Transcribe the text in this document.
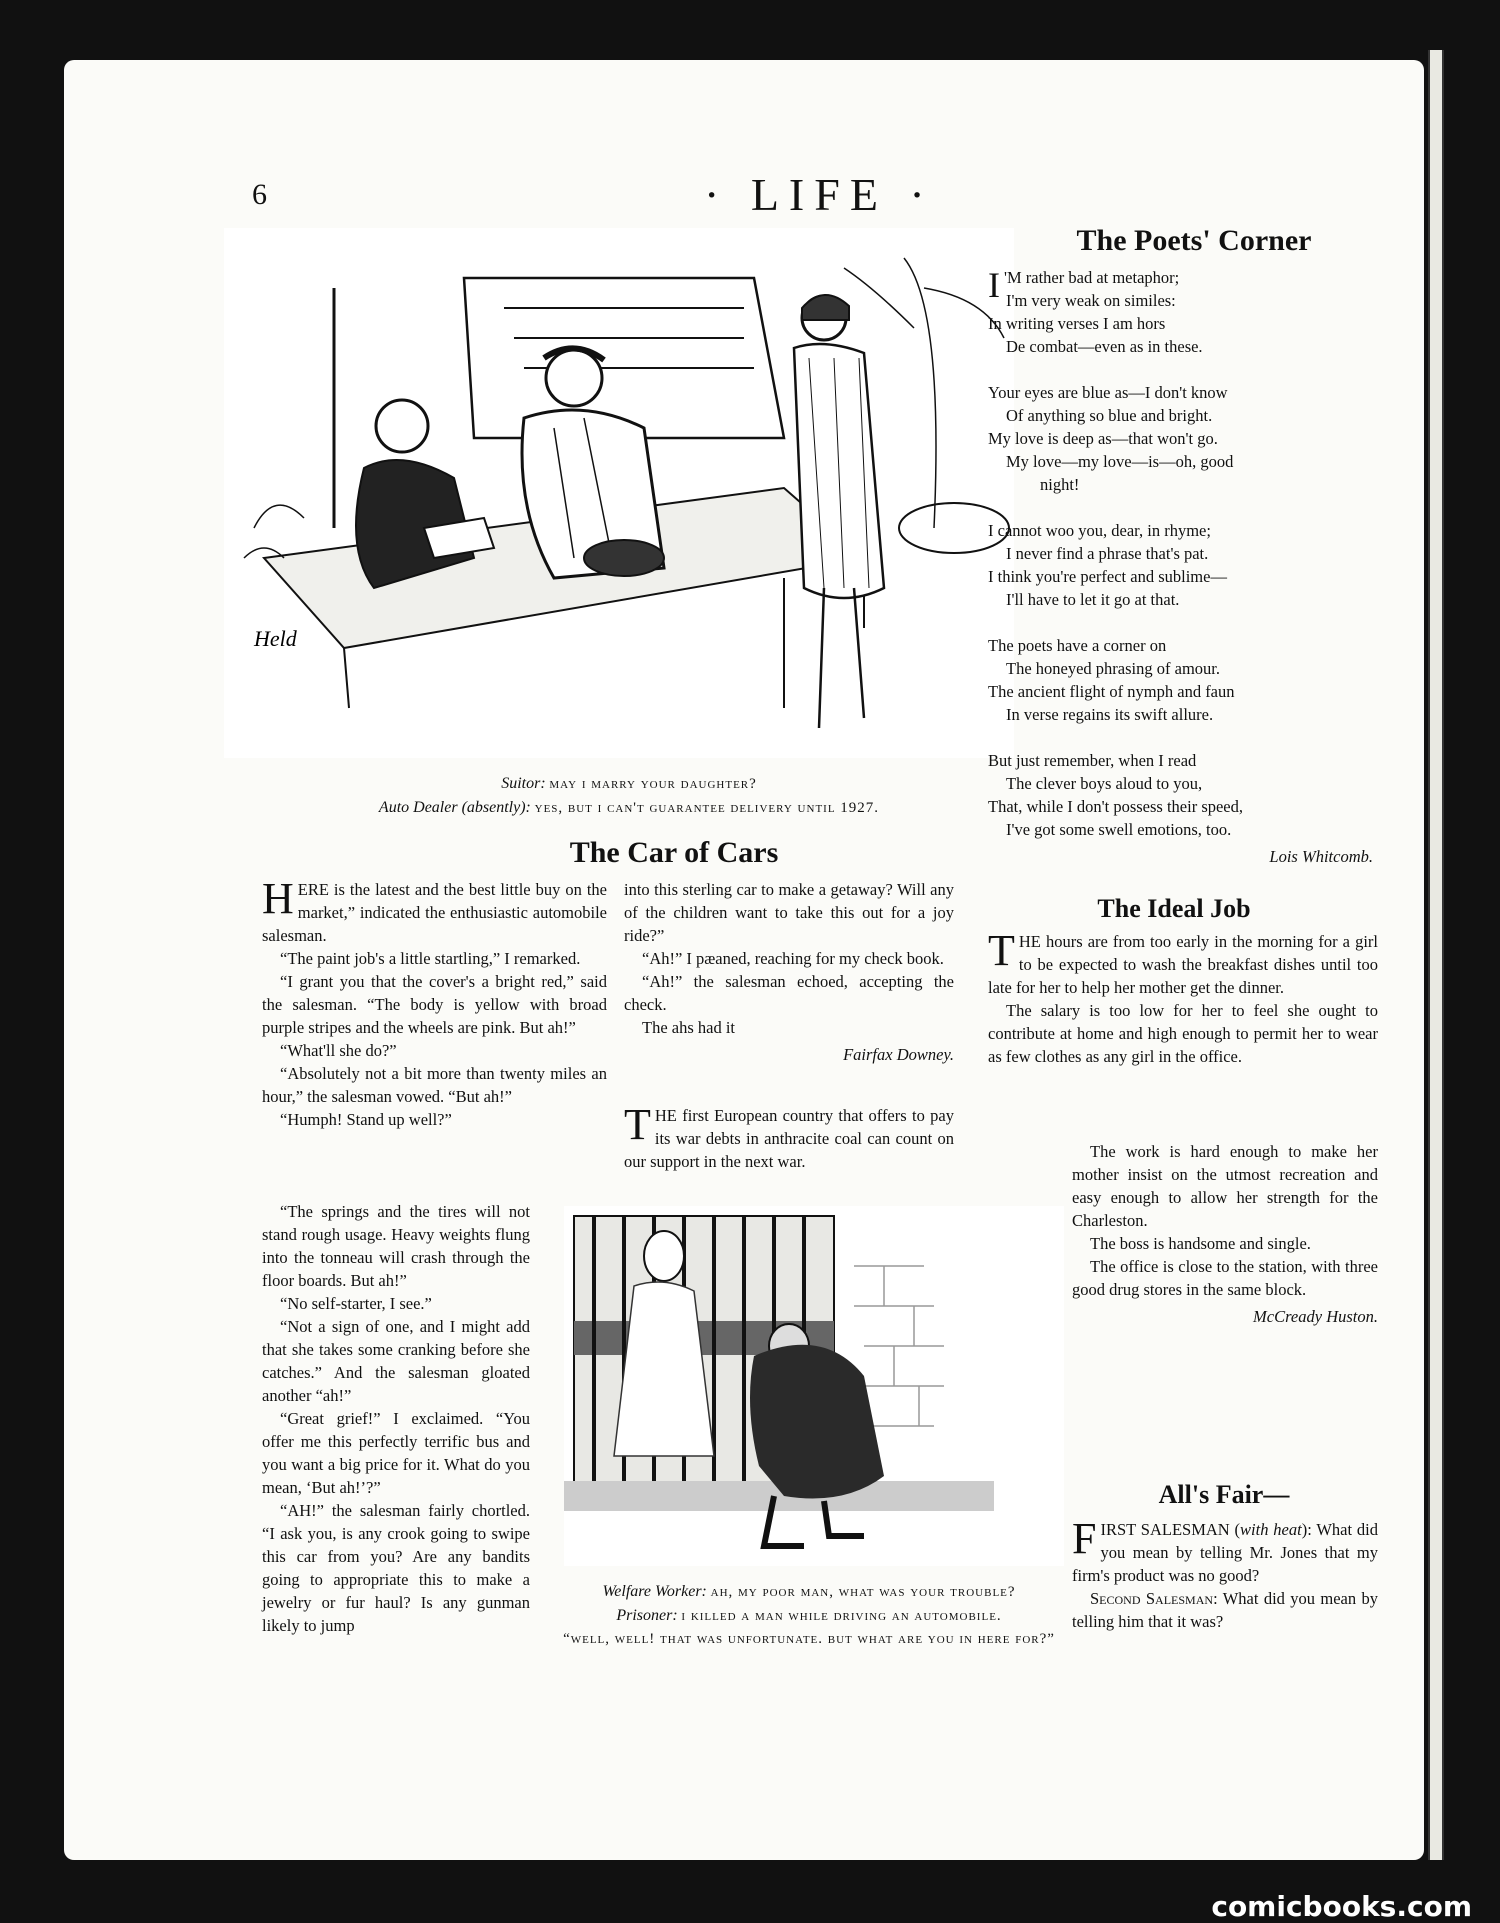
6	· LIFE ·
Held
Suitor: may i marry your daughter?
Auto Dealer (absently): yes, but i can't guarantee delivery until 1927.
The Car of Cars

HERE is the latest and the best little buy on the market,” indicated the enthusiastic automobile salesman.

“The paint job's a little startling,” I remarked.

“I grant you that the cover's a bright red,” said the salesman. “The body is yellow with broad purple stripes and the wheels are pink. But ah!”

“What'll she do?”

“Absolutely not a bit more than twenty miles an hour,” the salesman vowed. “But ah!”

“Humph! Stand up well?”

“The springs and the tires will not stand rough usage. Heavy weights flung into the tonneau will crash through the floor boards. But ah!”

“No self-starter, I see.”

“Not a sign of one, and I might add that she takes some cranking before she catches.” And the salesman gloated another “ah!”

“Great grief!” I exclaimed. “You offer me this perfectly terrific bus and you want a big price for it. What do you mean, ‘But ah!’?”

“AH!” the salesman fairly chortled. “I ask you, is any crook going to swipe this car from you? Are any bandits going to appropriate this to make a jewelry or fur haul? Is any gunman likely to jump

into this sterling car to make a getaway? Will any of the children want to take this out for a joy ride?”

“Ah!” I pæaned, reaching for my check book.

“Ah!” the salesman echoed, accepting the check.

The ahs had it

Fairfax Downey.

THE first European country that offers to pay its war debts in anthracite coal can count on our support in the next war.

Welfare Worker: ah, my poor man, what was your trouble?
Prisoner: i killed a man while driving an automobile.
“well, well! that was unfortunate. but what are you in here for?”
The Poets' Corner
I 'M rather bad at metaphor;
I'm very weak on similes:
In writing verses I am hors
De combat—even as in these.
Your eyes are blue as—I don't know
Of anything so blue and bright.
My love is deep as—that won't go.
My love—my love—is—oh, good
night!
I cannot woo you, dear, in rhyme;
I never find a phrase that's pat.
I think you're perfect and sublime—
I'll have to let it go at that.
The poets have a corner on
The honeyed phrasing of amour.
The ancient flight of nymph and faun
In verse regains its swift allure.
But just remember, when I read
The clever boys aloud to you,
That, while I don't possess their speed,
I've got some swell emotions, too.
Lois Whitcomb.
The Ideal Job

THE hours are from too early in the morning for a girl to be expected to wash the breakfast dishes until too late for her to help her mother get the dinner.

The salary is too low for her to feel she ought to contribute at home and high enough to permit her to wear as few clothes as any girl in the office.

The work is hard enough to make her mother insist on the utmost recreation and easy enough to allow her strength for the Charleston.

The boss is handsome and single.

The office is close to the station, with three good drug stores in the same block.

McCready Huston.
All's Fair—

FIRST SALESMAN (with heat): What did you mean by telling Mr. Jones that my firm's product was no good?

Second Salesman: What did you mean by telling him that it was?

comicbooks.com
